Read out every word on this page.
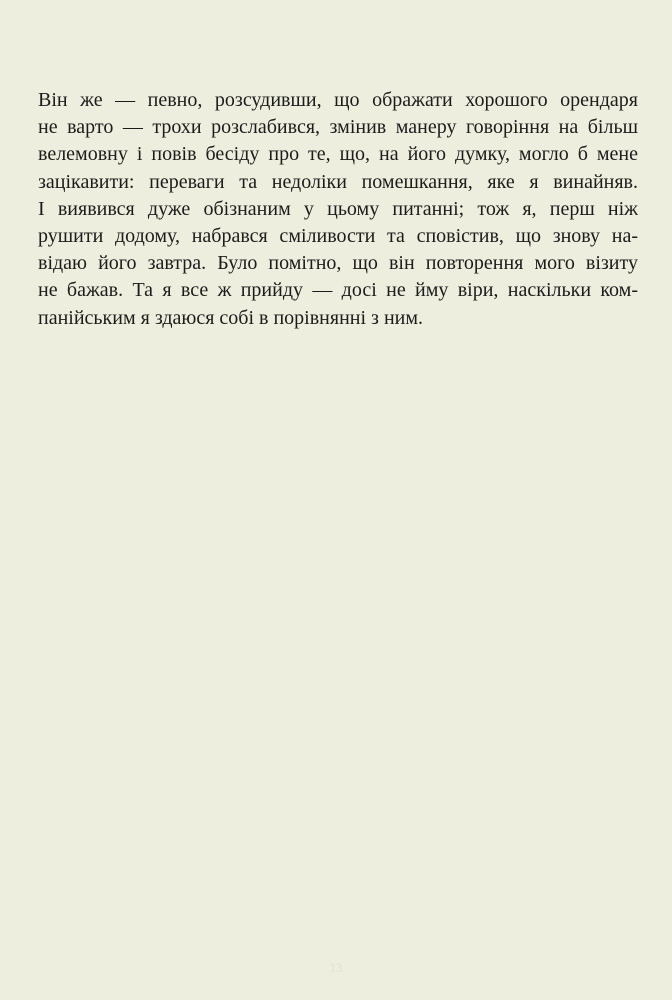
Він же — певно, розсудивши, що ображати хорошого орендаря
не варто — трохи розслабився, змінив манеру говоріння на більш
велемовну і повів бесіду про те, що, на його думку, могло б мене
зацікавити: переваги та недоліки помешкання, яке я винайняв.
І виявився дуже обізнаним у цьому питанні; тож я, перш ніж
рушити додому, набрався сміливости та сповістив, що знову на-
відаю його завтра. Було помітно, що він повторення мого візиту
не бажав. Та я все ж прийду — досі не йму віри, наскільки ком-
панійським я здаюся собі в порівнянні з ним.
13
